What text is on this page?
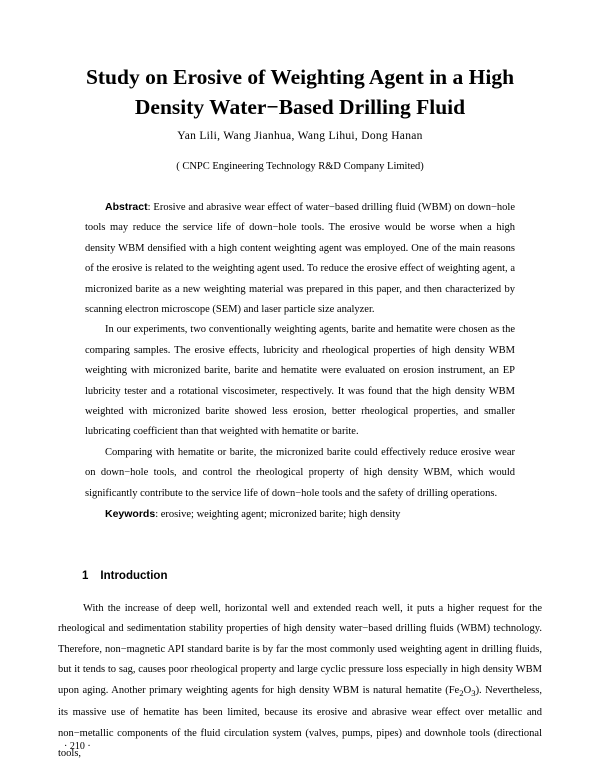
Study on Erosive of Weighting Agent in a High
Density Water−Based Drilling Fluid
Yan Lili, Wang Jianhua, Wang Lihui, Dong Hanan
( CNPC Engineering Technology R&D Company Limited)

Abstract: Erosive and abrasive wear effect of water−based drilling fluid (WBM) on down−hole tools may reduce the service life of down−hole tools. The erosive would be worse when a high density WBM densified with a high content weighting agent was employed. One of the main reasons of the erosive is related to the weighting agent used. To reduce the erosive effect of weighting agent, a micronized barite as a new weighting material was prepared in this paper, and then characterized by scanning electron microscope (SEM) and laser particle size analyzer.

In our experiments, two conventionally weighting agents, barite and hematite were chosen as the comparing samples. The erosive effects, lubricity and rheological properties of high density WBM weighting with micronized barite, barite and hematite were evaluated on erosion instrument, an EP lubricity tester and a rotational viscosimeter, respectively. It was found that the high density WBM weighted with micronized barite showed less erosion, better rheological properties, and smaller lubricating coefficient than that weighted with hematite or barite.

Comparing with hematite or barite, the micronized barite could effectively reduce erosive wear on down−hole tools, and control the rheological property of high density WBM, which would significantly contribute to the service life of down−hole tools and the safety of drilling operations.

Keywords: erosive; weighting agent; micronized barite; high density

1 Introduction

With the increase of deep well, horizontal well and extended reach well, it puts a higher request for the rheological and sedimentation stability properties of high density water−based drilling fluids (WBM) technology. Therefore, non−magnetic API standard barite is by far the most commonly used weighting agent in drilling fluids, but it tends to sag, causes poor rheological property and large cyclic pressure loss especially in high density WBM upon aging. Another primary weighting agents for high density WBM is natural hematite $(Fe_2O_3)$. Nevertheless, its massive use of hematite has been limited, because its erosive and abrasive wear effect over metallic and non−metallic components of the fluid circulation system (valves, pumps, pipes) and downhole tools (directional tools,

· 210 ·
